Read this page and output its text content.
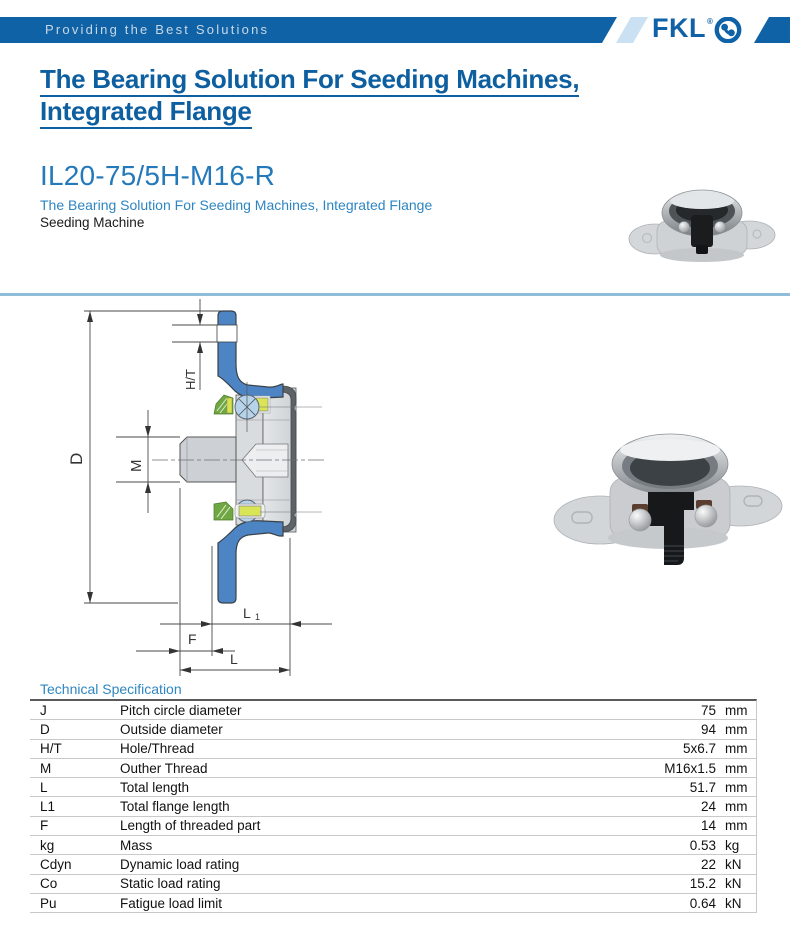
Providing the Best Solutions	FKL ®
The Bearing Solution For Seeding Machines,
Integrated Flange
IL20-75/5H-M16-R
The Bearing Solution For Seeding Machines, Integrated Flange
Seeding Machine
D
H/T
M
L 1
F
L
Technical Specification
J	Pitch circle diameter	75 mm
D	Outside diameter	94 mm
H/T	Hole/Thread	5x6.7 mm
M	Outher Thread	M16x1.5 mm
L	Total length	51.7 mm
L1	Total flange length	24 mm
F	Length of threaded part	14 mm
kg	Mass	0.53 kg
Cdyn	Dynamic load rating	22 kN
Co	Static load rating	15.2 kN
Pu	Fatigue load limit	0.64 kN
